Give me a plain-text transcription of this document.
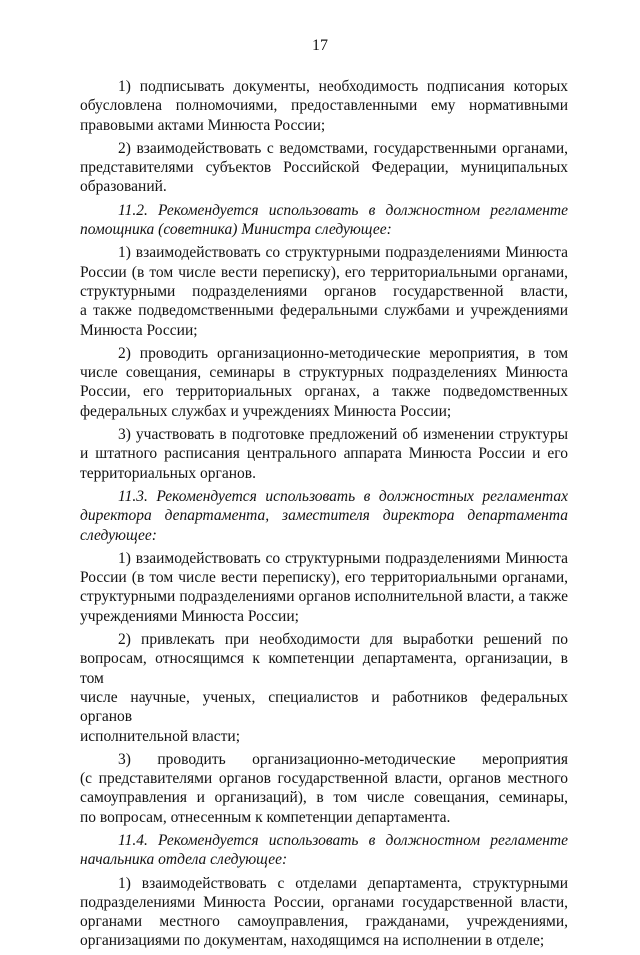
17
1) подписывать документы, необходимость подписания которых
обусловлена полномочиями, предоставленными ему нормативными
правовыми актами Минюста России;
2) взаимодействовать с ведомствами, государственными органами,
представителями субъектов Российской Федерации, муниципальных
образований.
11.2. Рекомендуется использовать в должностном регламенте
помощника (советника) Министра следующее:
1) взаимодействовать со структурными подразделениями Минюста
России (в том числе вести переписку), его территориальными органами,
структурными подразделениями органов государственной власти,
а также подведомственными федеральными службами и учреждениями
Минюста России;
2) проводить организационно-методические мероприятия, в том
числе совещания, семинары в структурных подразделениях Минюста
России, его территориальных органах, а также подведомственных
федеральных службах и учреждениях Минюста России;
3) участвовать в подготовке предложений об изменении структуры
и штатного расписания центрального аппарата Минюста России и его
территориальных органов.
11.3. Рекомендуется использовать в должностных регламентах
директора департамента, заместителя директора департамента
следующее:
1) взаимодействовать со структурными подразделениями Минюста
России (в том числе вести переписку), его территориальными органами,
структурными подразделениями органов исполнительной власти, а также
учреждениями Минюста России;
2) привлекать при необходимости для выработки решений по
вопросам, относящимся к компетенции департамента, организации, в том
числе научные, ученых, специалистов и работников федеральных органов
исполнительной власти;
3) проводить организационно-методические мероприятия
(с представителями органов государственной власти, органов местного
самоуправления и организаций), в том числе совещания, семинары,
по вопросам, отнесенным к компетенции департамента.
11.4. Рекомендуется использовать в должностном регламенте
начальника отдела следующее:
1) взаимодействовать с отделами департамента, структурными
подразделениями Минюста России, органами государственной власти,
органами местного самоуправления, гражданами, учреждениями,
организациями по документам, находящимся на исполнении в отделе;
